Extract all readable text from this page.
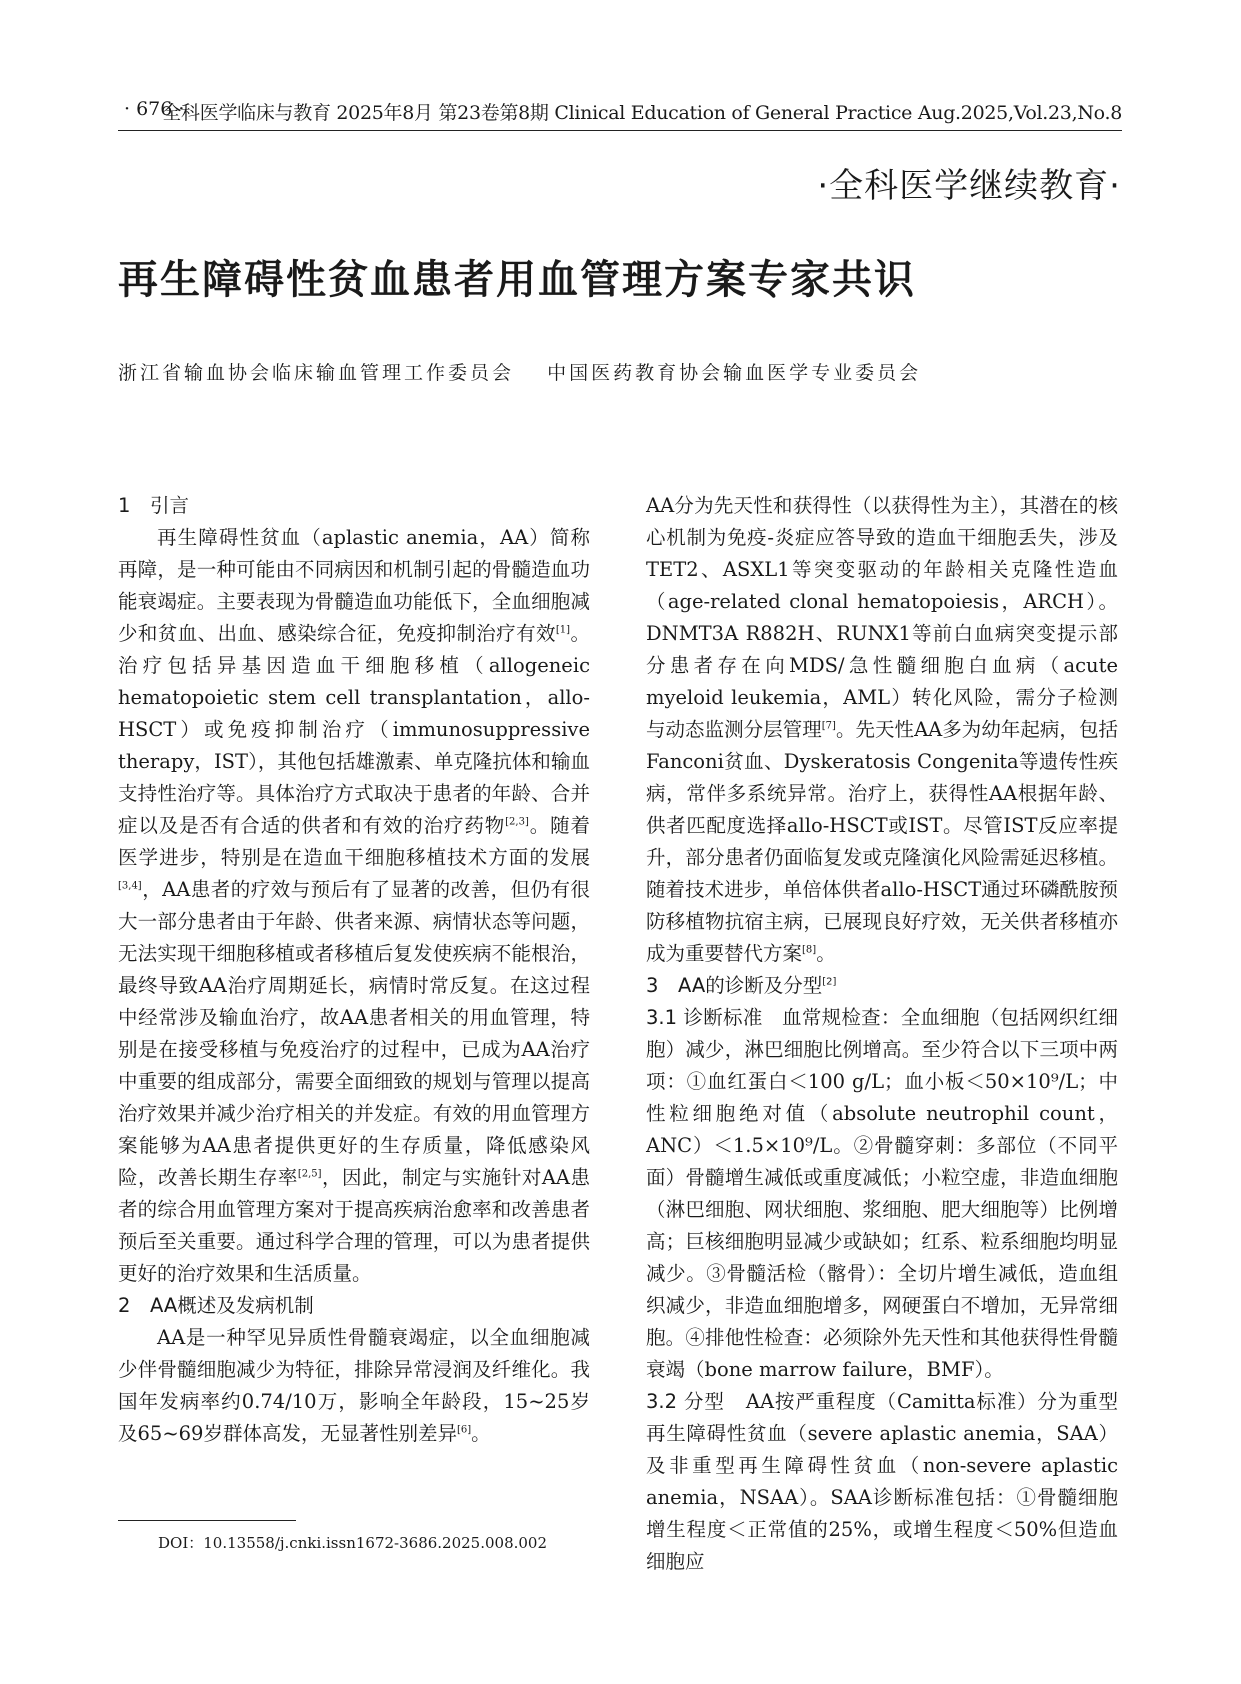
· 676 ·
全科医学临床与教育 2025年8月 第23卷第8期 Clinical Education of General Practice Aug.2025,Vol.23,No.8

·全科医学继续教育·
再生障碍性贫血患者用血管理方案专家共识
浙江省输血协会临床输血管理工作委员会 中国医药教育协会输血医学专业委员会
1 引言

再生障碍性贫血（aplastic anemia，AA）简称再障，是一种可能由不同病因和机制引起的骨髓造血功能衰竭症。主要表现为骨髓造血功能低下，全血细胞减少和贫血、出血、感染综合征，免疫抑制治疗有效[1]。治疗包括异基因造血干细胞移植（allogeneic hematopoietic stem cell transplantation，allo-HSCT）或免疫抑制治疗（immunosuppressive therapy，IST），其他包括雄激素、单克隆抗体和输血支持性治疗等。具体治疗方式取决于患者的年龄、合并症以及是否有合适的供者和有效的治疗药物[2,3]。随着医学进步，特别是在造血干细胞移植技术方面的发展[3,4]，AA患者的疗效与预后有了显著的改善，但仍有很大一部分患者由于年龄、供者来源、病情状态等问题，无法实现干细胞移植或者移植后复发使疾病不能根治，最终导致AA治疗周期延长，病情时常反复。在这过程中经常涉及输血治疗，故AA患者相关的用血管理，特别是在接受移植与免疫治疗的过程中，已成为AA治疗中重要的组成部分，需要全面细致的规划与管理以提高治疗效果并减少治疗相关的并发症。有效的用血管理方案能够为AA患者提供更好的生存质量，降低感染风险，改善长期生存率[2,5]，因此，制定与实施针对AA患者的综合用血管理方案对于提高疾病治愈率和改善患者预后至关重要。通过科学合理的管理，可以为患者提供更好的治疗效果和生活质量。

2 AA概述及发病机制

AA是一种罕见异质性骨髓衰竭症，以全血细胞减少伴骨髓细胞减少为特征，排除异常浸润及纤维化。我国年发病率约0.74/10万，影响全年龄段，15~25岁及65~69岁群体高发，无显著性别差异[6]。

AA分为先天性和获得性（以获得性为主），其潜在的核心机制为免疫-炎症应答导致的造血干细胞丢失，涉及TET2、ASXL1等突变驱动的年龄相关克隆性造血（age-related clonal hematopoiesis，ARCH）。DNMT3A R882H、RUNX1等前白血病突变提示部分患者存在向MDS/急性髓细胞白血病（acute myeloid leukemia，AML）转化风险，需分子检测与动态监测分层管理[7]。先天性AA多为幼年起病，包括Fanconi贫血、Dyskeratosis Congenita等遗传性疾病，常伴多系统异常。治疗上，获得性AA根据年龄、供者匹配度选择allo-HSCT或IST。尽管IST反应率提升，部分患者仍面临复发或克隆演化风险需延迟移植。随着技术进步，单倍体供者allo-HSCT通过环磷酰胺预防移植物抗宿主病，已展现良好疗效，无关供者移植亦成为重要替代方案[8]。

3 AA的诊断及分型[2]

3.1 诊断标准 血常规检查：全血细胞（包括网织红细胞）减少，淋巴细胞比例增高。至少符合以下三项中两项：①血红蛋白＜100 g/L；血小板＜50×10⁹/L；中性粒细胞绝对值（absolute neutrophil count，ANC）＜1.5×10⁹/L。②骨髓穿刺：多部位（不同平面）骨髓增生减低或重度减低；小粒空虚，非造血细胞（淋巴细胞、网状细胞、浆细胞、肥大细胞等）比例增高；巨核细胞明显减少或缺如；红系、粒系细胞均明显减少。③骨髓活检（髂骨）：全切片增生减低，造血组织减少，非造血细胞增多，网硬蛋白不增加，无异常细胞。④排他性检查：必须除外先天性和其他获得性骨髓衰竭（bone marrow failure，BMF）。

3.2 分型 AA按严重程度（Camitta标准）分为重型再生障碍性贫血（severe aplastic anemia，SAA）及非重型再生障碍性贫血（non-severe aplastic anemia，NSAA）。SAA诊断标准包括：①骨髓细胞增生程度＜正常值的25%，或增生程度＜50%但造血细胞应

DOI：10.13558/j.cnki.issn1672-3686.2025.008.002
